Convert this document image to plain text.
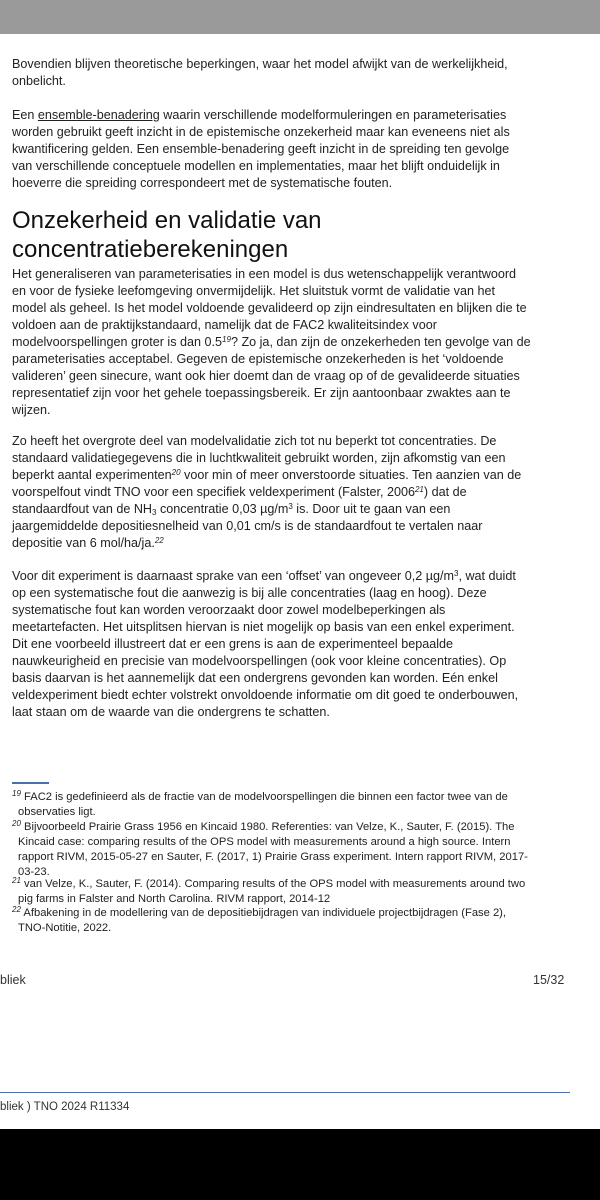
Bovendien blijven theoretische beperkingen, waar het model afwijkt van de werkelijkheid,
onbelicht.

Een ensemble-benadering waarin verschillende modelformuleringen en parameterisaties
worden gebruikt geeft inzicht in de epistemische onzekerheid maar kan eveneens niet als
kwantificering gelden. Een ensemble-benadering geeft inzicht in de spreiding ten gevolge
van verschillende conceptuele modellen en implementaties, maar het blijft onduidelijk in
hoeverre die spreiding correspondeert met de systematische fouten.

Onzekerheid en validatie van
concentratieberekeningen

Het generaliseren van parameterisaties in een model is dus wetenschappelijk verantwoord
en voor de fysieke leefomgeving onvermijdelijk. Het sluitstuk vormt de validatie van het
model als geheel. Is het model voldoende gevalideerd op zijn eindresultaten en blijken die te
voldoen aan de praktijkstandaard, namelijk dat de FAC2 kwaliteitsindex voor
modelvoorspellingen groter is dan $0.5^{19}$? Zo ja, dan zijn de onzekerheden ten gevolge van de
parameterisaties acceptabel. Gegeven de epistemische onzekerheden is het ‘voldoende
valideren’ geen sinecure, want ook hier doemt dan de vraag op of de gevalideerde situaties
representatief zijn voor het gehele toepassingsbereik. Er zijn aantoonbaar zwaktes aan te
wijzen.

Zo heeft het overgrote deel van modelvalidatie zich tot nu beperkt tot concentraties. De
standaard validatiegegevens die in luchtkwaliteit gebruikt worden, zijn afkomstig van een
beperkt aantal experimenten$^{20}$ voor min of meer onverstoorde situaties. Ten aanzien van de
voorspelfout vindt TNO voor een specifiek veldexperiment (Falster, 2006$^{21}$) dat de
standaardfout van de $NH_3$ concentratie 0,03 $\mu g/m^3$ is. Door uit te gaan van een
jaargemiddelde depositiesnelheid van 0,01 cm/s is de standaardfout te vertalen naar
depositie van 6 mol/ha/ja.$^{22}$

Voor dit experiment is daarnaast sprake van een ‘offset’ van ongeveer 0,2 $\mu g/m^3$, wat duidt
op een systematische fout die aanwezig is bij alle concentraties (laag en hoog). Deze
systematische fout kan worden veroorzaakt door zowel modelbeperkingen als
meetartefacten. Het uitsplitsen hiervan is niet mogelijk op basis van een enkel experiment.
Dit ene voorbeeld illustreert dat er een grens is aan de experimenteel bepaalde
nauwkeurigheid en precisie van modelvoorspellingen (ook voor kleine concentraties). Op
basis daarvan is het aannemelijk dat een ondergrens gevonden kan worden. Eén enkel
veldexperiment biedt echter volstrekt onvoldoende informatie om dit goed te onderbouwen,
laat staan om de waarde van die ondergrens te schatten.

$^{19}$ FAC2 is gedefinieerd als de fractie van de modelvoorspellingen die binnen een factor twee van de
observaties ligt.
$^{20}$ Bijvoorbeeld Prairie Grass 1956 en Kincaid 1980. Referenties: van Velze, K., Sauter, F. (2015). The
Kincaid case: comparing results of the OPS model with measurements around a high source. Intern
rapport RIVM, 2015-05-27 en Sauter, F. (2017, 1) Prairie Grass experiment. Intern rapport RIVM, 2017-
03-23.
$^{21}$ van Velze, K., Sauter, F. (2014). Comparing results of the OPS model with measurements around two
pig farms in Falster and North Carolina. RIVM rapport, 2014-12
$^{22}$ Afbakening in de modellering van de depositiebijdragen van individuele projectbijdragen (Fase 2),
TNO-Notitie, 2022.
bliek	15/32
bliek ) TNO 2024 R11334
